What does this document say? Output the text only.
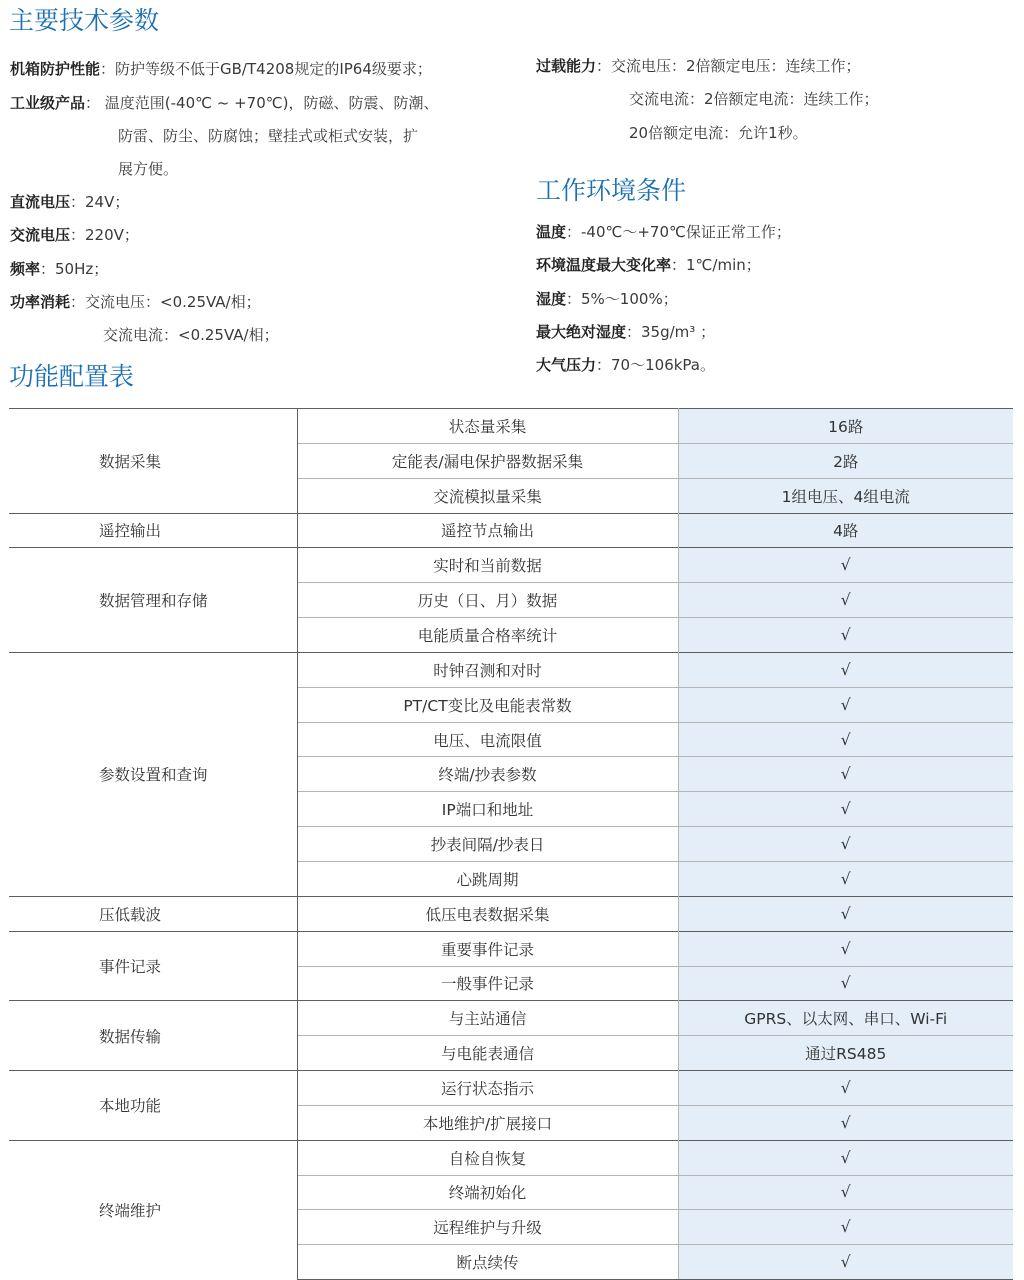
主要技术参数
工作环境条件
功能配置表
机箱防护性能：防护等级不低于GB/T4208规定的IP64级要求；
工业级产品： 温度范围(-40℃ ~ +70℃)，防磁、防震、防潮、
防雷、防尘、防腐蚀；壁挂式或柜式安装，扩
展方便。
直流电压：24V；
交流电压：220V；
频率：50Hz；
功率消耗：交流电压：<0.25VA/相；
交流电流：<0.25VA/相；
过载能力：交流电压：2倍额定电压：连续工作；
交流电流：2倍额定电流：连续工作；
20倍额定电流：允许1秒。
温度：-40℃～+70℃保证正常工作；
环境温度最大变化率：1℃/min；
湿度：5%～100%；
最大绝对湿度：35g/m³ ；
大气压力：70～106kPa。
数据采集	状态量采集	16路
	定能表/漏电保护器数据采集	2路
	交流模拟量采集	1组电压、4组电流
遥控输出	遥控节点输出	4路
数据管理和存储	实时和当前数据	√
	历史（日、月）数据	√
	电能质量合格率统计	√
参数设置和查询	时钟召测和对时	√
	PT/CT变比及电能表常数	√
	电压、电流限值	√
	终端/抄表参数	√
	IP端口和地址	√
	抄表间隔/抄表日	√
	心跳周期	√
压低载波	低压电表数据采集	√
事件记录	重要事件记录	√
	一般事件记录	√
数据传输	与主站通信	GPRS、以太网、串口、Wi-Fi
	与电能表通信	通过RS485
本地功能	运行状态指示	√
	本地维护/扩展接口	√
终端维护	自检自恢复	√
	终端初始化	√
	远程维护与升级	√
	断点续传	√
